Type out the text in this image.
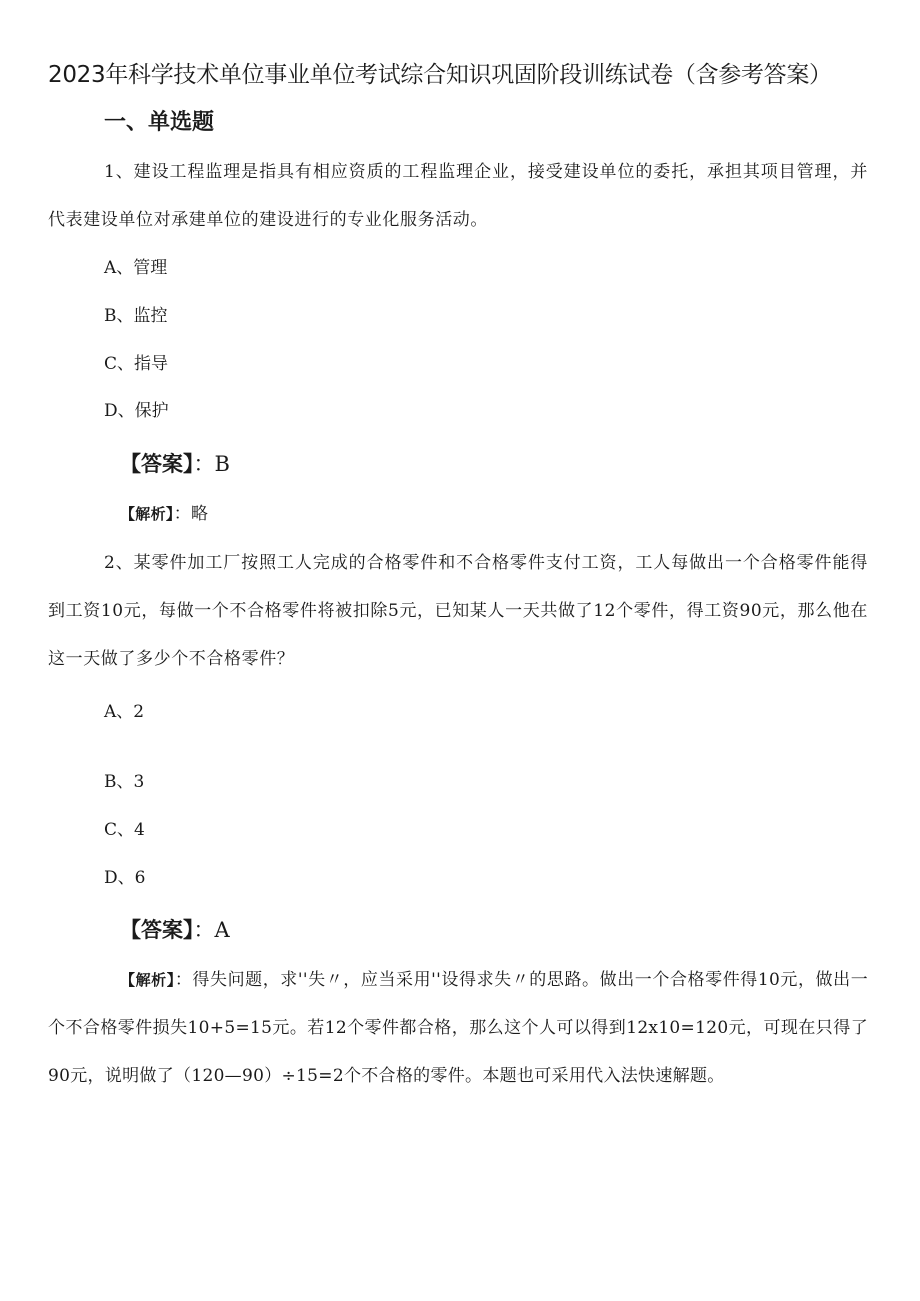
2023年科学技术单位事业单位考试综合知识巩固阶段训练试卷（含参考答案）
一、单选题
1、建设工程监理是指具有相应资质的工程监理企业，接受建设单位的委托，承担其项目管理，并代表建设单位对承建单位的建设进行的专业化服务活动。
A、管理
B、监控
C、指导
D、保护
【答案】：B
【解析】：略
2、某零件加工厂按照工人完成的合格零件和不合格零件支付工资，工人每做出一个合格零件能得到工资10元，每做一个不合格零件将被扣除5元，已知某人一天共做了12个零件，得工资90元，那么他在这一天做了多少个不合格零件？
A、2
B、3
C、4
D、6
【答案】：A
【解析】：得失问题，求''失〃，应当采用''设得求失〃的思路。做出一个合格零件得10元，做出一个不合格零件损失10+5=15元。若12个零件都合格，那么这个人可以得到12x10=120元，可现在只得了90元，说明做了（120—90）÷15=2个不合格的零件。本题也可采用代入法快速解题。
